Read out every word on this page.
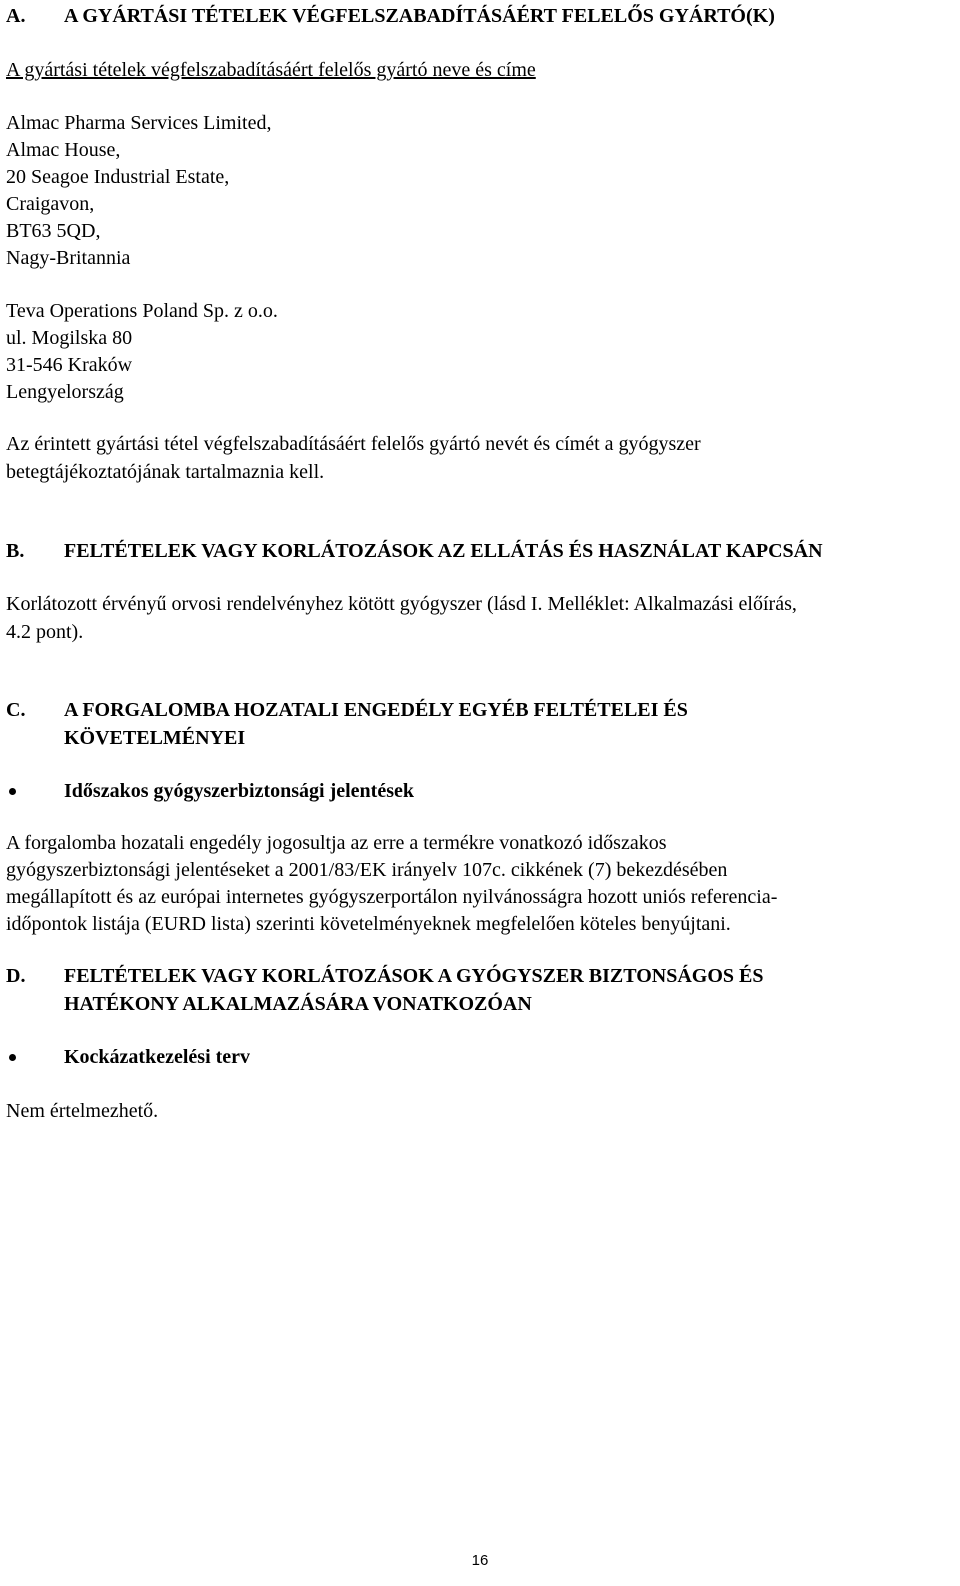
A.	A GYÁRTÁSI TÉTELEK VÉGFELSZABADÍTÁSÁÉRT FELELŐS GYÁRTÓ(K)
A gyártási tételek végfelszabadításáért felelős gyártó neve és címe
Almac Pharma Services Limited,
Almac House,
20 Seagoe Industrial Estate,
Craigavon,
BT63 5QD,
Nagy-Britannia
Teva Operations Poland Sp. z o.o.
ul. Mogilska 80
31-546 Kraków
Lengyelország
Az érintett gyártási tétel végfelszabadításáért felelős gyártó nevét és címét a gyógyszer
betegtájékoztatójának tartalmaznia kell.
B.	FELTÉTELEK VAGY KORLÁTOZÁSOK AZ ELLÁTÁS ÉS HASZNÁLAT KAPCSÁN
Korlátozott érvényű orvosi rendelvényhez kötött gyógyszer (lásd I. Melléklet: Alkalmazási előírás,
4.2 pont).
C.	A FORGALOMBA HOZATALI ENGEDÉLY EGYÉB FELTÉTELEI ÉS
KÖVETELMÉNYEI
Időszakos gyógyszerbiztonsági jelentések
A forgalomba hozatali engedély jogosultja az erre a termékre vonatkozó időszakos
gyógyszerbiztonsági jelentéseket a 2001/83/EK irányelv 107c. cikkének (7) bekezdésében
megállapított és az európai internetes gyógyszerportálon nyilvánosságra hozott uniós referencia-
időpontok listája (EURD lista) szerinti követelményeknek megfelelően köteles benyújtani.
D.	FELTÉTELEK VAGY KORLÁTOZÁSOK A GYÓGYSZER BIZTONSÁGOS ÉS
HATÉKONY ALKALMAZÁSÁRA VONATKOZÓAN
Kockázatkezelési terv
Nem értelmezhető.
16
